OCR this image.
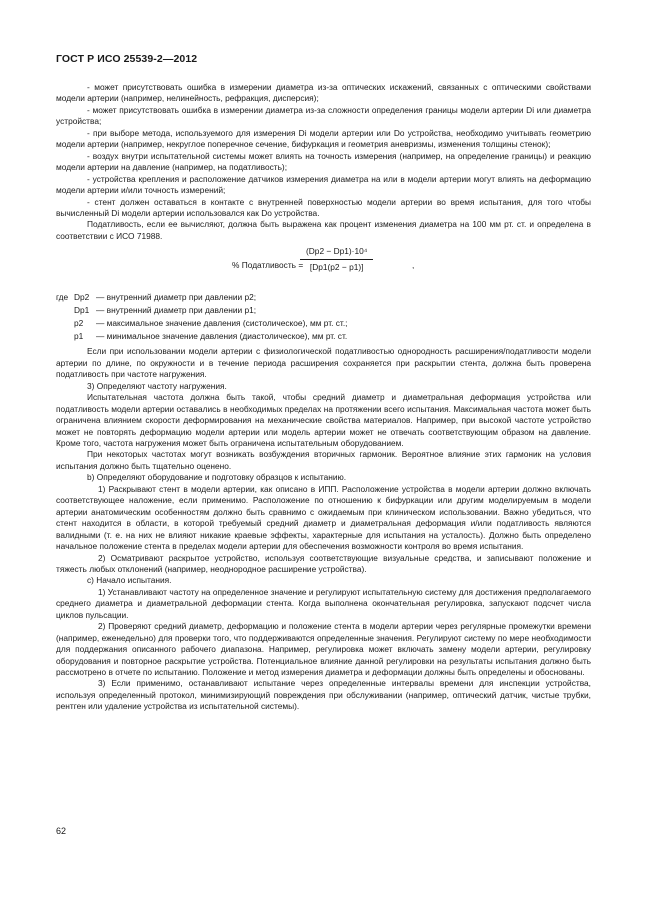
ГОСТ Р ИСО 25539-2—2012

- может присутствовать ошибка в измерении диаметра из-за оптических искажений, связанных с оптическими свойствами модели артерии (например, нелинейность, рефракция, дисперсия);

- может присутствовать ошибка в измерении диаметра из-за сложности определения границы модели артерии Di или диаметра устройства;

- при выборе метода, используемого для измерения Di модели артерии или Do устройства, необходимо учитывать геометрию модели артерии (например, некруглое поперечное сечение, бифуркация и геометрия аневризмы, изменения толщины стенок);

- воздух внутри испытательной системы может влиять на точность измерения (например, на определение границы) и реакцию модели артерии на давление (например, на податливость);

- устройства крепления и расположение датчиков измерения диаметра на или в модели артерии могут влиять на деформацию модели артерии и/или точность измерений;

- стент должен оставаться в контакте с внутренней поверхностью модели артерии во время испытания, для того чтобы вычисленный Di модели артерии использовался как Do устройства.

Податливость, если ее вычисляют, должна быть выражена как процент изменения диаметра на 100 мм рт. ст. и определена в соответствии с ИСО 71988.

% Податливость =
$\frac{\text{(Dp2 − Dp1)·10⁴}}{[Dp1(p2 - p1)]}$	,
где Dp2 — внутренний диаметр при давлении p2;
Dp1 — внутренний диаметр при давлении p1;
p2	— максимальное значение давления (систолическое), мм рт. ст.;
p1	— минимальное значение давления (диастолическое), мм рт. ст.

Если при использовании модели артерии с физиологической податливостью однородность расширения/податливости модели артерии по длине, по окружности и в течение периода расширения сохраняется при раскрытии стента, должна быть проверена податливость при частоте нагружения.

3) Определяют частоту нагружения.

Испытательная частота должна быть такой, чтобы средний диаметр и диаметральная деформация устройства или податливость модели артерии оставались в необходимых пределах на протяжении всего испытания. Максимальная частота может быть ограничена влиянием скорости деформирования на механические свойства материалов. Например, при высокой частоте устройство может не повторять деформацию модели артерии или модель артерии может не отвечать соответствующим образом на давление. Кроме того, частота нагружения может быть ограничена испытательным оборудованием.

При некоторых частотах могут возникать возбуждения вторичных гармоник. Вероятное влияние этих гармоник на условия испытания должно быть тщательно оценено.

b) Определяют оборудование и подготовку образцов к испытанию.

1) Раскрывают стент в модели артерии, как описано в ИПП. Расположение устройства в модели артерии должно включать соответствующее наложение, если применимо. Расположение по отношению к бифуркации или другим моделируемым в модели артерии анатомическим особенностям должно быть сравнимо с ожидаемым при клиническом использовании. Важно убедиться, что стент находится в области, в которой требуемый средний диаметр и диаметральная деформация и/или податливость являются валидными (т. е. на них не влияют никакие краевые эффекты, характерные для испытания на усталость). Должно быть определено начальное положение стента в пределах модели артерии для обеспечения возможности контроля во время испытания.

2) Осматривают раскрытое устройство, используя соответствующие визуальные средства, и записывают положение и тяжесть любых отклонений (например, неоднородное расширение устройства).

c) Начало испытания.

1) Устанавливают частоту на определенное значение и регулируют испытательную систему для достижения предполагаемого среднего диаметра и диаметральной деформации стента. Когда выполнена окончательная регулировка, запускают подсчет числа циклов пульсации.

2) Проверяют средний диаметр, деформацию и положение стента в модели артерии через регулярные промежутки времени (например, еженедельно) для проверки того, что поддерживаются определенные значения. Регулируют систему по мере необходимости для поддержания описанного рабочего диапазона. Например, регулировка может включать замену модели артерии, регулировку оборудования и повторное раскрытие устройства. Потенциальное влияние данной регулировки на результаты испытания должно быть рассмотрено в отчете по испытанию. Положение и метод измерения диаметра и деформации должны быть определены и обоснованы.

3) Если применимо, останавливают испытание через определенные интервалы времени для инспекции устройства, используя определенный протокол, минимизирующий повреждения при обслуживании (например, оптический датчик, чистые трубки, рентген или удаление устройства из испытательной системы).

62
